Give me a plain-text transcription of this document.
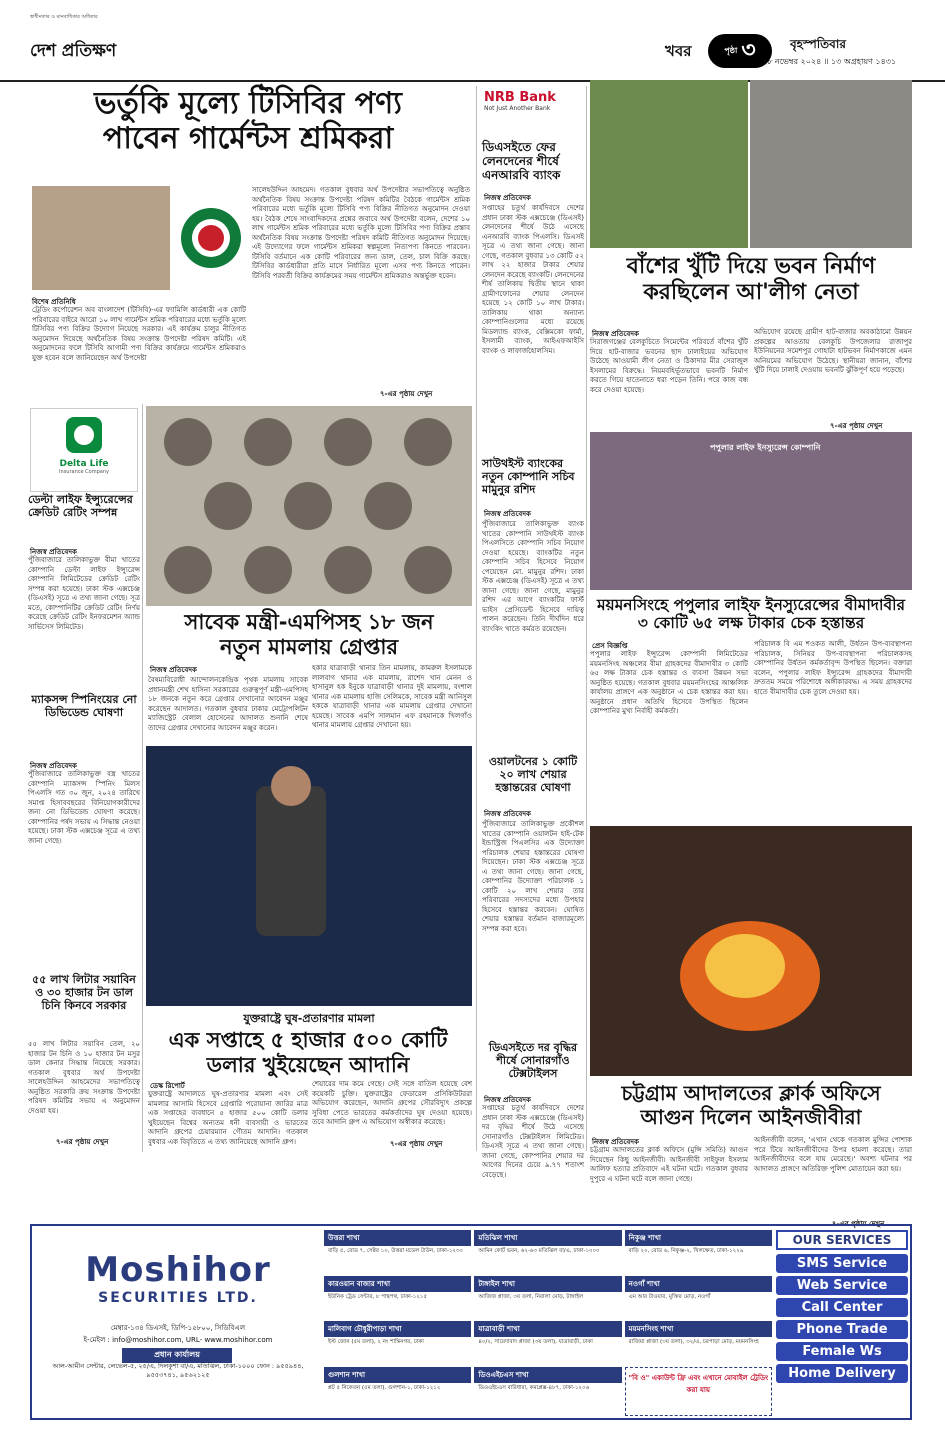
স্বাধীনতার ও মানবাধিকার অধিকার
দেশ প্রতিক্ষণ	খবর	পৃষ্ঠা ৩	বৃহস্পতিবার
২৮ নভেম্বর ২০২৪ ॥ ১৩ অগ্রহায়ণ ১৪৩১
ভর্তুকি মূল্যে টিসিবির পণ্য
পাবেন গার্মেন্টস শ্রমিকরা
বিশেষ প্রতিনিধি
ট্রেডিং কর্পোরেশন অব বাংলাদেশ (টিসিবি)-এর ফ্যামিলি কার্ডধারী এক কোটি পরিবারের বাইরে আরো ১০ লাখ গার্মেন্টস শ্রমিক পরিবারের মধ্যে ভর্তুকি মূল্যে টিসিবির পণ্য বিক্রির উদ্যোগ নিয়েছে সরকার। এই কার্যক্রম চালুর নীতিগত অনুমোদন দিয়েছে অর্থনৈতিক বিষয় সংক্রান্ত উপদেষ্টা পরিষদ কমিটি। এই অনুমোদনের ফলে টিসিবি আগামী পণ্য বিক্রির কার্যক্রমে গার্মেন্টস শ্রমিকরাও যুক্ত হবেন বলে জানিয়েছেন অর্থ উপদেষ্টা
সালেহউদ্দিন আহমেদ। গতকাল বুধবার অর্থ উপদেষ্টার সভাপতিত্বে অনুষ্ঠিত অর্থনৈতিক বিষয় সংক্রান্ত উপদেষ্টা পরিষদ কমিটির বৈঠকে গার্মেন্টস শ্রমিক পরিবারের মধ্যে ভর্তুকি মূল্যে টিসিবি পণ্য বিক্রির নীতিগত অনুমোদন দেওয়া হয়। বৈঠক শেষে সাংবাদিকদের প্রশ্নের জবাবে অর্থ উপদেষ্টা বলেন, দেশের ১০ লাখ গার্মেন্টস শ্রমিক পরিবারের মধ্যে ভর্তুকি মূল্যে টিসিবির পণ্য বিক্রির প্রস্তাব অর্থনৈতিক বিষয় সংক্রান্ত উপদেষ্টা পরিষদ কমিটি নীতিগত অনুমোদন দিয়েছে। এই উদ্যোগের ফলে গার্মেন্টস শ্রমিকরা স্বল্পমূল্যে নিত্যপণ্য কিনতে পারবেন। টিসিবি বর্তমানে এক কোটি পরিবারের জন্য ডাল, তেল, চাল বিক্রি করছে। টিসিবির কার্ডধারীরা প্রতি মাসে নির্ধারিত মূল্যে এসব পণ্য কিনতে পারেন। টিসিবি পরবর্তী বিক্রির কার্যক্রমের সময় গার্মেন্টস শ্রমিকরাও অন্তর্ভুক্ত হবেন।
৭-এর পৃষ্ঠায় দেখুন
NRB Bank
Not Just Another Bank
ডিএসইতে ফের লেনদেনের শীর্ষে এনআরবি ব্যাংক
নিজস্ব প্রতিবেদক
সপ্তাহের চতুর্থ কার্যদিবসে দেশের প্রধান ঢাকা স্টক এক্সচেঞ্জে (ডিএসই) লেনদেনের শীর্ষে উঠে এসেছে এনআরবি ব্যাংক পিএলসি। ডিএসই সূত্রে এ তথ্য জানা গেছে। জানা গেছে, গতকাল বুধবার ১৩ কোটি ৫২ লাখ ২২ হাজার টাকার শেয়ার লেনদেন করেছে ব্যাংকটি। লেনদেনের শীর্ষ তালিকায় দ্বিতীয় স্থানে থাকা গ্রামীণফোনের শেয়ার লেনদেন হয়েছে ১২ কোটি ১০ লাখ টাকার। তালিকায় থাকা অন্যান্য কোম্পানিগুলোর মধ্যে রয়েছে মিডল্যান্ড ব্যাংক, বেক্সিমকো ফার্মা, ইসলামী ব্যাংক, আইএফআইসি ব্যাংক ও লাফার্জহোলসিম।
সাউথইস্ট ব্যাংকের নতুন কোম্পানি সচিব মামুনুর রশিদ
নিজস্ব প্রতিবেদক
পুঁজিবাজারে তালিকাভুক্ত ব্যাংক খাতের কোম্পানি সাউথইস্ট ব্যাংক পিএলসিতে কোম্পানি সচিব নিয়োগ দেওয়া হয়েছে। ব্যাংকটির নতুন কোম্পানি সচিব হিসেবে নিয়োগ পেয়েছেন মো. মামুনুর রশিদ। ঢাকা স্টক এক্সচেঞ্জ (ডিএসই) সূত্রে এ তথ্য জানা গেছে। জানা গেছে, মামুনুর রশিদ এর আগে ব্যাংকটির ফার্স্ট ভাইস প্রেসিডেন্ট হিসেবে দায়িত্ব পালন করেছেন। তিনি দীর্ঘদিন ধরে ব্যাংকিং খাতে কর্মরত রয়েছেন।
ওয়ালটনের ১ কোটি ২০ লাখ শেয়ার হস্তান্তরের ঘোষণা
নিজস্ব প্রতিবেদক
পুঁজিবাজারে তালিকাভুক্ত প্রকৌশল খাতের কোম্পানি ওয়ালটন হাই-টেক ইন্ডাস্ট্রিজ পিএলসির এক উদ্যোক্তা পরিচালক শেয়ার হস্তান্তরের ঘোষণা দিয়েছেন। ঢাকা স্টক এক্সচেঞ্জ সূত্রে এ তথ্য জানা গেছে। জানা গেছে, কোম্পানির উদ্যোক্তা পরিচালক ১ কোটি ২০ লাখ শেয়ার তার পরিবারের সদস্যদের মধ্যে উপহার হিসেবে হস্তান্তর করবেন। ঘোষিত শেয়ার হস্তান্তর বর্তমান বাজারমূল্যে সম্পন্ন করা হবে।
ডিএসইতে দর বৃদ্ধির শীর্ষে সোনারগাঁও টেক্সটাইলস
নিজস্ব প্রতিবেদক
সপ্তাহের চতুর্থ কার্যদিবসে দেশের প্রধান ঢাকা স্টক এক্সচেঞ্জে (ডিএসই) দর বৃদ্ধির শীর্ষে উঠে এসেছে সোনারগাঁও টেক্সটাইলস লিমিটেড। ডিএসই সূত্রে এ তথ্য জানা গেছে। জানা গেছে, কোম্পানির শেয়ার দর আগের দিনের চেয়ে ৯.৭৭ শতাংশ বেড়েছে।
বাঁশের খুঁটি দিয়ে ভবন নির্মাণ
করছিলেন আ'লীগ নেতা
নিজস্ব প্রতিবেদক
সিরাজগঞ্জের বেলকুচিতে সিমেন্টের পরিবর্তে বাঁশের খুঁটি দিয়ে হাট-বাজার ভবনের ছাদ ঢালাইয়ের অভিযোগ উঠেছে আওয়ামী লীগ নেতা ও ঠিকাদার মীর সেরাজুল ইসলামের বিরুদ্ধে। নিয়মবহির্ভূতভাবে ভবনটি নির্মাণ করতে গিয়ে হাতেনাতে ধরা পড়েন তিনি। পরে কাজ বন্ধ করে দেওয়া হয়েছে।
অভিযোগ রয়েছে গ্রামীণ হাট-বাজার অবকাঠামো উন্নয়ন প্রকল্পের আওতায় বেলকুচি উপজেলার রাজাপুর ইউনিয়নের সমেশপুর গোহাটা হাটভবন নির্মাণকাজে এমন অনিয়মের অভিযোগ উঠেছে। স্থানীয়রা জানান, বাঁশের খুঁটি দিয়ে ঢালাই দেওয়ায় ভবনটি ঝুঁকিপূর্ণ হয়ে পড়েছে।
৭-এর পৃষ্ঠায় দেখুন
পপুলার লাইফ ইনস্যুরেন্স কোম্পানি
ময়মনসিংহে পপুলার লাইফ ইনস্যুরেন্সের বীমাদাবীর
৩ কোটি ৬৫ লক্ষ টাকার চেক হস্তান্তর
প্রেস বিজ্ঞপ্তি
পপুলার লাইফ ইন্স্যুরেন্স কোম্পানী লিমিটেডের ময়মনসিংহ অঞ্চলের বীমা গ্রাহকদের বীমাদাবীর ৩ কোটি ৬৫ লক্ষ টাকার চেক হস্তান্তর ও ব্যবসা উন্নয়ন সভা অনুষ্ঠিত হয়েছে। গতকাল বুধবার ময়মনসিংহের আঞ্চলিক কার্যালয় প্রাঙ্গণে এক অনুষ্ঠানে এ চেক হস্তান্তর করা হয়। অনুষ্ঠানে প্রধান অতিথি হিসেবে উপস্থিত ছিলেন কোম্পানির মুখ্য নির্বাহী কর্মকর্তা।
পরিচালক বি এম শওকত আলী, উর্ধতন উপ-ব্যবস্থাপনা পরিচালক, সিনিয়র উপ-ব্যবস্থাপনা পরিচালকসহ কোম্পানির উর্ধতন কর্মকর্তাবৃন্দ উপস্থিত ছিলেন। বক্তারা বলেন, পপুলার লাইফ ইন্স্যুরেন্স গ্রাহকদের বীমাদাবী দ্রুততম সময়ে পরিশোধে অঙ্গীকারবদ্ধ। এ সময় গ্রাহকদের হাতে বীমাদাবীর চেক তুলে দেওয়া হয়।
চট্টগ্রাম আদালতের ক্লার্ক অফিসে
আগুন দিলেন আইনজীবীরা
নিজস্ব প্রতিবেদক
চট্টগ্রাম আদালতের ক্লার্ক অফিসে (মুন্সি সমিতি) আগুন দিয়েছেন কিছু আইনজীবী। আইনজীবী সাইফুল ইসলাম আলিফ হত্যার প্রতিবাদে এই ঘটনা ঘটে। গতকাল বুধবার দুপুরে এ ঘটনা ঘটে বলে জানা গেছে।
আইনজীবী বলেন, 'এখান থেকে গতকাল মুন্সির পোশাক পরে টিয়ে আইনজীবীদের উপর হামলা করেছে। তারা আইনজীবীদের বলে যায় মেরেছে।' অবশ্য ঘটনার পর আদালত প্রাঙ্গণে অতিরিক্ত পুলিশ মোতায়েন করা হয়।
৭-এর পৃষ্ঠায় দেখুন
Delta Life
Insurance Company
ডেল্টা লাইফ ইন্স্যুরেন্সের ক্রেডিট রেটিং সম্পন্ন
নিজস্ব প্রতিবেদক
পুঁজিবাজারে তালিকাভুক্ত বীমা খাতের কোম্পানি ডেল্টা লাইফ ইন্স্যুরেন্স কোম্পানি লিমিটেডের ক্রেডিট রেটিং সম্পন্ন করা হয়েছে। ঢাকা স্টক এক্সচেঞ্জ (ডিএসই) সূত্রে এ তথ্য জানা গেছে। সূত্র মতে, কোম্পানিটির ক্রেডিট রেটিং নির্ণয় করেছে ক্রেডিট রেটিং ইনফরমেশন অ্যান্ড সার্ভিসেস লিমিটেড।
ম্যাকসন্স স্পিনিংয়ের নো ডিভিডেন্ড ঘোষণা
নিজস্ব প্রতিবেদক
পুঁজিবাজারে তালিকাভুক্ত বস্ত্র খাতের কোম্পানি ম্যাকসন্স স্পিনিং মিলস পিএলসি গত ৩০ জুন, ২০২৪ তারিখে সমাপ্ত হিসাববছরের বিনিয়োগকারীদের জন্য নো ডিভিডেন্ড ঘোষণা করেছে। কোম্পানির পর্ষদ সভায় এ সিদ্ধান্ত নেওয়া হয়েছে। ঢাকা স্টক এক্সচেঞ্জ সূত্রে এ তথ্য জানা গেছে।
৫৫ লাখ লিটার সয়াবিন ও ৩০ হাজার টন ডাল চিনি কিনবে সরকার
৫৫ লাখ লিটার সয়াবিন তেল, ২০ হাজার টন চিনি ও ১০ হাজার টন মসুর ডাল কেনার সিদ্ধান্ত নিয়েছে সরকার। গতকাল বুধবার অর্থ উপদেষ্টা সালেহউদ্দিন আহমেদের সভাপতিত্বে অনুষ্ঠিত সরকারি ক্রয় সংক্রান্ত উপদেষ্টা পরিষদ কমিটির সভায় এ অনুমোদন দেওয়া হয়।
৭-এর পৃষ্ঠায় দেখুন
সাবেক মন্ত্রী-এমপিসহ ১৮ জন
নতুন মামলায় গ্রেপ্তার
নিজস্ব প্রতিবেদক
বৈষম্যবিরোধী আন্দোলনকেন্দ্রিক পৃথক মামলায় সাবেক প্রধানমন্ত্রী শেখ হাসিনা সরকারের গুরুত্বপূর্ণ মন্ত্রী-এমপিসহ ১৮ জনকে নতুন করে গ্রেপ্তার দেখানোর আবেদন মঞ্জুর করেছেন আদালত। গতকাল বুধবার ঢাকার মেট্রোপলিটন ম্যাজিস্ট্রেট বেলাল হোসেনের আদালত শুনানি শেষে তাদের গ্রেপ্তার দেখানোর আবেদন মঞ্জুর করেন।
হকার যাত্রাবাড়ী থানার তিন মামলায়, কামরুল ইসলামকে লালবাগ থানার এক মামলায়, রাশেদ খান মেনন ও হাসানুল হক ইনুকে যাত্রাবাড়ী থানার দুই মামলায়, বংশাল থানার এক মামলায় হাজি সেলিমকে, সাবেক মন্ত্রী আনিসুল হককে যাত্রাবাড়ী থানার এক মামলায় গ্রেপ্তার দেখানো হয়েছে। সাবেক এমপি সালমান এফ রহমানকে খিলগাঁও থানার মামলায় গ্রেপ্তার দেখানো হয়।
যুক্তরাষ্ট্রে ঘুষ-প্রতারণার মামলা
এক সপ্তাহে ৫ হাজার ৫০০ কোটি
ডলার খুইয়েছেন আদানি
ডেস্ক রিপোর্ট
যুক্তরাষ্ট্রে আদালতে ঘুষ-প্রতারণার মামলা এবং সেই মামলার আসামি হিসেবে গ্রেপ্তারি পরোয়ানা জারির মাত্র এক সপ্তাহের ব্যবধানে ৫ হাজার ৫০০ কোটি ডলার খুইয়েছেন বিশ্বের অন্যতম ধনী ব্যবসায়ী ও ভারতের আদানি গ্রুপের চেয়ারম্যান গৌতম আদানি। গতকাল বুধবার এক বিবৃতিতে এ তথ্য জানিয়েছে আদানি গ্রুপ।
শেয়ারের দাম কমে গেছে। সেই সঙ্গে বাতিল হয়েছে বেশ কয়েকটি চুক্তি। যুক্তরাষ্ট্রের ফেডারেল প্রসিকিউটররা অভিযোগ করেছেন, আদানি গ্রুপের সৌরবিদ্যুৎ প্রকল্পে সুবিধা পেতে ভারতের কর্মকর্তাদের ঘুষ দেওয়া হয়েছে। তবে আদানি গ্রুপ এ অভিযোগ অস্বীকার করেছে।
৭-এর পৃষ্ঠায় দেখুন
Moshihor
SECURITIES LTD.
মেম্বার-১৩৪ ডিএসই, ডিপি-১৫৮০০, সিডিবিএল
ই-মেইল : info@moshihor.com, URL- www.moshihor.com
প্রধান কার্যালয়
আল-আমীন সেন্টার, লেভেল-৫, ২৫/এ, দিলকুশা বা/এ, মতিঝিল, ঢাকা-১০০০ ফোন : ৯৫৫৯৪৪, ৯৫৫৩৭৪১, ৯৫৬২১২৫
উত্তরা শাখা
বাড়ি ৫, রোড ৭, সেক্টর ১০, উত্তরা মডেল টাউন, ঢাকা-১২৩০
মতিঝিল শাখা
আমিন কোর্ট ভবন, ৬২-৬৩ মতিঝিল বা/এ, ঢাকা-১০০০
নিকুঞ্জ শাখা
বাড়ি ২০, রোড ৬, নিকুঞ্জ-২, খিলক্ষেত, ঢাকা-১২২৯
কারওয়ান বাজার শাখা
ইউনিক ট্রেড সেন্টার, ৮ পান্থপথ, ঢাকা-১২১৫
টাঙ্গাইল শাখা
আজিজ প্লাজা, ৩য় তলা, নিরালা মোড়, টাঙ্গাইল
নওগাঁ শাখা
এম আর টাওয়ার, মুক্তির মোড়, নওগাঁ
মালিবাগ চৌধুরীপাড়া শাখা
ইস্ট জোন (৫ম তলা), ২ নং শান্তিনগর, ঢাকা
যাত্রাবাড়ী শাখা
৪০/২, সায়েদাবাদ প্লাজা (৩য় তলা), যাত্রাবাড়ী, ঢাকা
ময়মনসিংহ শাখা
রাজিয়া প্লাজা (৩য় তলা), ৩২/এ, চরপাড়া মোড়, ময়মনসিংহ
গুলশান শাখা
প্লট ৫ নিকেতন (৫ম তলা), গুলশান-১, ঢাকা-১২১২
ডিওএইচএস শাখা
ডিওএইচএস বারিধারা, কমপ্লেক্স-৪৮৭, ঢাকা-১২০৬
"বি ও" একাউন্ট ফ্রি এবং এখানে মোবাইল ট্রেডিং করা যায়
OUR SERVICES
SMS Service
Web Service
Call Center
Phone Trade
Female Ws
Home Delivery
